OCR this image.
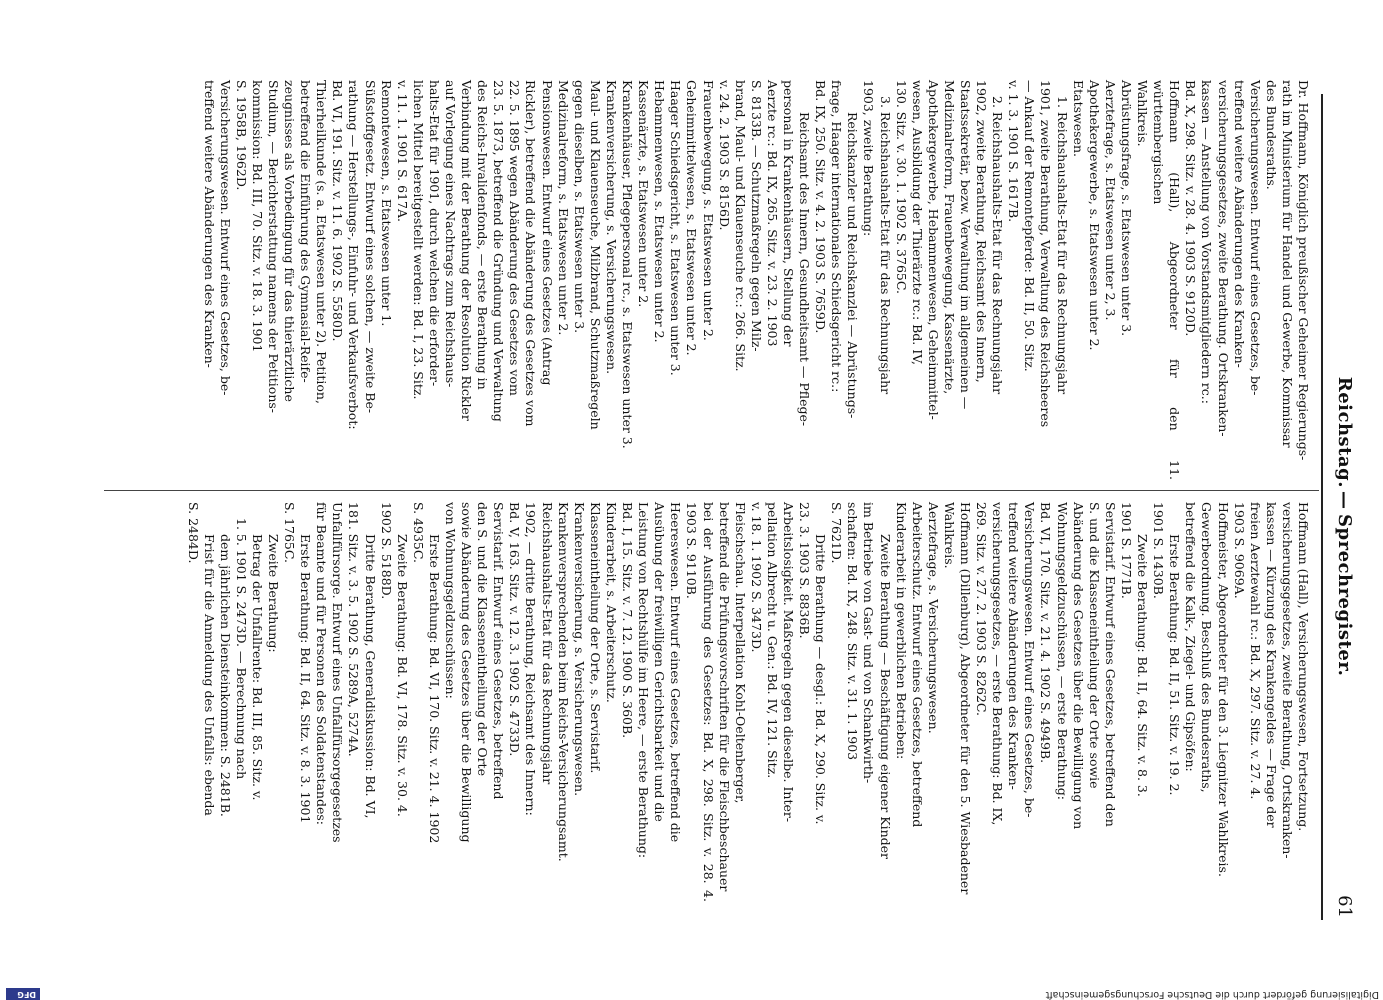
Reichstag.
—
Sprechregister.
61

Dr. Hoffmann, Königlich preußischer Geheimer Regierungs-

rath im Ministerium für Handel und Gewerbe, Kommissar

des Bundesraths.

Versicherungswesen. Entwurf eines Gesetzes, be-

treffend weitere Abänderungen des Kranken-

versicherungsgesetzes, zweite Berathung. Ortskranken-

kassen — Anstellung von Vorstandsmitgliedern rc.:

Bd. X, 298. Sitz. v. 28. 4. 1903 S. 9120D.

Hoffmann (Hall), Abgeordneter für den 11. württembergischen

Wahlkreis.

Abrüstungsfrage, s. Etatswesen unter 3.

Aerztefrage, s. Etatswesen unter 2, 3.

Apothekergewerbe, s. Etatswesen unter 2.

Etatswesen.

1. Reichshaushalts-Etat für das Rechnungsjahr

1901, zweite Berathung, Verwaltung des Reichsheeres

— Ankauf der Remontepferde: Bd. II, 50. Sitz.

v. 1. 3. 1901 S. 1617B.

2. Reichshaushalts-Etat für das Rechnungsjahr

1902, zweite Berathung, Reichsamt des Innern,

Staatssekretär, bezw. Verwaltung im allgemeinen —

Medizinalreform, Frauenbewegung, Kassenärzte,

Apothekergewerbe, Hebammenwesen, Geheimmittel-

wesen, Ausbildung der Thierärzte rc.: Bd. IV,

130. Sitz. v. 30. 1. 1902 S. 3765C.

3. Reichshaushalts-Etat für das Rechnungsjahr

1903, zweite Berathung:

Reichskanzler und Reichskanzlei — Abrüstungs-

frage, Haager internationales Schiedsgericht rc.:

Bd. IX, 250. Sitz. v. 4. 2. 1903 S. 7659D.

Reichsamt des Innern, Gesundheitsamt — Pflege-

personal in Krankenhäusern, Stellung der

Aerzte rc.: Bd. IX, 265. Sitz. v. 23. 2. 1903

S. 8133B. — Schutzmaßregeln gegen Milz-

brand, Maul- und Klauenseuche rc.: 266. Sitz.

v. 24. 2. 1903 S. 8156D.

Frauenbewegung, s. Etatswesen unter 2.

Geheimmittelwesen, s. Etatswesen unter 2.

Haager Schiedsgericht, s. Etatswesen unter 3.

Hebammenwesen, s. Etatswesen unter 2.

Kassenärzte, s. Etatswesen unter 2.

Krankenhäuser, Pflegepersonal rc., s. Etatswesen unter 3.

Krankenversicherung, s. Versicherungswesen.

Maul- und Klauenseuche, Milzbrand, Schutzmaßregeln

gegen dieselben, s. Etatswesen unter 3.

Medizinalreform, s. Etatswesen unter 2.

Pensionswesen. Entwurf eines Gesetzes (Antrag

Rickler), betreffend die Abänderung des Gesetzes vom

22. 5. 1895 wegen Abänderung des Gesetzes vom

23. 5. 1873, betreffend die Gründung und Verwaltung

des Reichs-Invalidenfonds, — erste Berathung in

Verbindung mit der Berathung der Resolution Rickler

auf Vorlegung eines Nachtrags zum Reichshaus-

halts-Etat für 1901, durch welchen die erforder-

lichen Mittel bereitgestellt werden: Bd. I, 23. Sitz.

v. 11. 1. 1901 S. 617A.

Remontewesen, s. Etatswesen unter 1.

Süßstoffgesetz. Entwurf eines solchen, — zweite Be-

rathung — Herstellungs-, Einfuhr- und Verkaufsverbot:

Bd. VI, 191. Sitz. v. 11. 6. 1902 S. 5580D.

Thierheilkunde (s. a. Etatswesen unter 2). Petition,

betreffend die Einführung des Gymnasial-Reife-

zeugnisses als Vorbedingung für das thierärztliche

Studium, — Berichterstattung namens der Petitions-

kommission: Bd. III, 70. Sitz. v. 18. 3. 1901

S. 1958B, 1962D.

Versicherungswesen. Entwurf eines Gesetzes, be-

treffend weitere Abänderungen des Kranken-

Hoffmann (Hall), Versicherungswesen, Fortsetzung.

versicherungsgesetzes, zweite Berathung, Ortskranken-

kassen — Kürzung des Krankengeldes — Frage der

freien Aerztewahl rc.: Bd. X, 297. Sitz. v. 27. 4.

1903 S. 9069A.

Hoffmeister, Abgeordneter für den 3. Liegnitzer Wahlkreis.

Gewerbeordnung. Beschluß des Bundesraths,

betreffend die Kalk-, Ziegel- und Gipsöfen:

Erste Berathung: Bd. II, 51. Sitz. v. 19. 2.

1901 S. 1430B.

Zweite Berathung: Bd. II, 64. Sitz. v. 8. 3.

1901 S. 1771B.

Servistarif. Entwurf eines Gesetzes, betreffend den

S. und die Klasseneintheilung der Orte sowie

Abänderung des Gesetzes über die Bewilligung von

Wohnungsgeldzuschüssen, — erste Berathung:

Bd. VI, 170. Sitz. v. 21. 4. 1902 S. 4949B.

Versicherungswesen. Entwurf eines Gesetzes, be-

treffend weitere Abänderungen des Kranken-

versicherungsgesetzes, — erste Berathung: Bd. IX,

269. Sitz. v. 27. 2. 1903 S. 8262C.

Hoffmann (Dillenburg), Abgeordneter für den 5. Wiesbadener

Wahlkreis.

Aerztefrage, s. Versicherungswesen.

Arbeiterschutz. Entwurf eines Gesetzes, betreffend

Kinderarbeit in gewerblichen Betrieben:

Zweite Berathung — Beschäftigung eigener Kinder

im Betriebe von Gast- und von Schankwirth-

schaften: Bd. IX, 248. Sitz. v. 31. 1. 1903

S. 7621D.

Dritte Berathung — desgl.: Bd. X, 290. Sitz. v.

23. 3. 1903 S. 8836B.

Arbeitslosigkeit. Maßregeln gegen dieselbe. Inter-

pellation Albrecht u. Gen.: Bd. IV, 121. Sitz.

v. 18. 1. 1902 S. 3473D.

Fleischschau. Interpellation Kohl-Oeltenberger,

betreffend die Prüfungsvorschriften für die Fleischbeschauer

bei der Ausführung des Gesetzes: Bd. X, 298. Sitz. v. 28. 4. 1903 S. 9110B.

Heereswesen. Entwurf eines Gesetzes, betreffend die

Ausübung der freiwilligen Gerichtsbarkeit und die

Leistung von Rechtshülfe im Heere, — erste Berathung:

Bd. I, 15. Sitz. v. 7. 12. 1900 S. 360B.

Kinderarbeit, s. Arbeiterschutz.

Klasseneintheilung der Orte, s. Servistarif.

Krankenversicherung, s. Versicherungswesen.

Krankenversprechenden beim Reichs-Versicherungsamt.

Reichshaushalts-Etat für das Rechnungsjahr

1902, — dritte Berathung, Reichsamt des Innern:

Bd. V, 163. Sitz. v. 12. 3. 1902 S. 4733D.

Servistarif. Entwurf eines Gesetzes, betreffend

den S. und die Klasseneintheilung der Orte

sowie Abänderung des Gesetzes über die Bewilligung

von Wohnungsgeldzuschüssen:

Erste Berathung: Bd. VI, 170. Sitz. v. 21. 4. 1902

S. 4935C.

Zweite Berathung: Bd. VI, 178. Sitz. v. 30. 4.

1902 S. 5188D.

Dritte Berathung, Generaldiskussion: Bd. VI,

181. Sitz. v. 3. 5. 1902 S. 5289A, 5274A.

Unfallfürsorge. Entwurf eines Unfallfürsorgegesetzes

für Beamte und für Personen des Soldatenstandes:

Erste Berathung: Bd. II, 64. Sitz. v. 8. 3. 1901

S. 1765C.

Zweite Berathung:

Betrag der Unfallrente: Bd. III, 85. Sitz. v.

1. 5. 1901 S. 2473D. — Berechnung nach

dem jährlichen Diensteinkommen: S. 2481B.

Frist für die Anmeldung des Unfalls: ebenda

S. 2484D.

Digitalisierung gefördert durch die Deutsche Forschungsgemeinschaft
DFG
